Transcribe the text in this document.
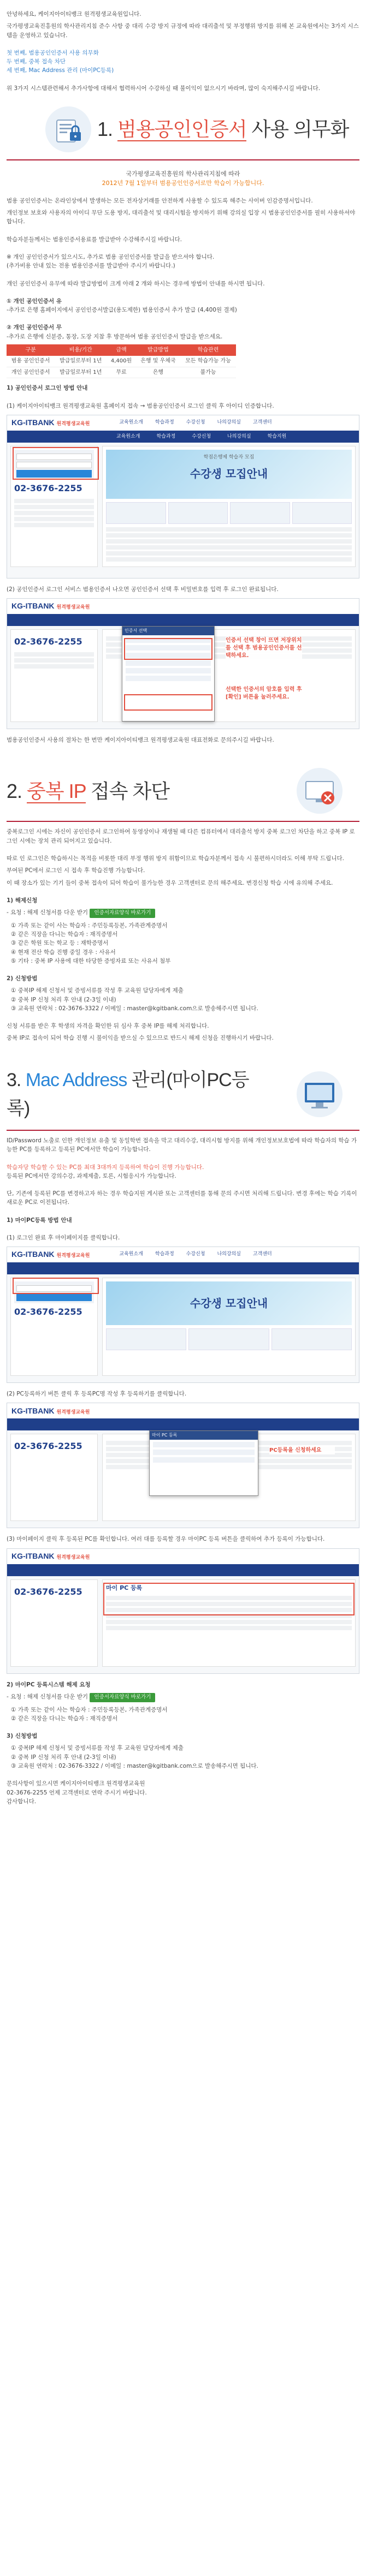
안녕하세요, 케이지아이티뱅크 원격평생교육원입니다.

국가평생교육진흥원의 학사관리지침 준수 사항 중 대리 수강 방지 규정에 따라 대리출석 및 부정행위 방지를 위해 본 교육원에서는 3가지 시스템을 운영하고 있습니다.

첫 번째, 범용공인인증서 사용 의무화

두 번째, 중복 접속 차단

세 번째, Mac Address 관리 (마이PC등록)

위 3가지 시스템관련해서 추가사항에 대해서 협력하시어 수강하실 때 불이익이 없으시기 바라며, 많이 숙지해주시길 바랍니다.

1. 범용공인인증서 사용 의무화
국가평생교육진흥원의 학사관리지침에 따라
2012년 7월 1일부터 범용공인인증서로만 학습이 가능합니다.

범용 공인인증서는 온라인상에서 발생하는 모든 전자상거래를 안전하게 사용할 수 있도록 해주는 사이버 인감증명서입니다.

개인정보 보호와 사용자의 아이디 무단 도용 방지, 대리출석 및 대리시험을 방지하기 위해 강의실 입장 시 범용공인인증서를 필히 사용하셔야 합니다.

학습자분들께서는 범용인증서용료를 발급받아 수강해주시길 바랍니다.

※ 개인 공인인증서가 있으시도, 추가로 범용 공인인증서를 발급을 받으셔야 합니다.

(추가비용 안내 있는 전용 범용인증서를 발급받아 주시기 바랍니다.)

개인 공인인증서 유무에 따라 발급방법이 크게 아래 2 개와 하시는 경우에 방법이 안내를 하시면 됩니다.

① 개인 공인인증서 유

-추가로 은행 홈페이지에서 공인인증서발급(용도제한) 범용인증서 추가 발급 (4,400원 결제)

② 개인 공인인증서 무

-추가로 은행에 신분증, 통장, 도장 지참 후 방문하여 범용 공인인증서 발급을 받으세요.

구분	비용/기간	금액	발급방법	학습관련
범용 공인인증서	발급일로부터 1년	4,400원	은행 및 우체국	모든 학습가능 가능
개인 공인인증서	발급일로부터 1년	무료	은행	불가능

1) 공인인증서 로그인 방법 안내

(1) 케이지아이티뱅크 원격평생교육원 홈페이지 접속 → 범용공인인증서 로그인 클릭 후 아이디 인증합니다.

KG-ITBANK 원격평생교육원	교육원소개	학습과정	수강신청	나의강의실	고객센터
교육원소개	학습과정	수강신청	나의강의실	학습지원
02-3676-2255
학점은행제 학습자 모집
수강생 모집안내

(2) 공인인증서 로그인 서비스 범용인증서 나오면 공인인증서 선택 후 비밀번호를 입력 후 로그인 완료됩니다.

KG-ITBANK 원격평생교육원
02-3676-2255
인증서 선택
인증서 선택 창이 뜨면 저장위치를 선택 후 범용공인인증서를 선택하세요.
선택한 인증서의 암호를 입력 후 [확인] 버튼을 눌러주세요.

범용공인인증서 사용의 절차는 한 번만 케이지아이티뱅크 원격평생교육원 대표전화로 문의주시길 바랍니다.

2. 중복 IP 접속 차단

중복로그인 시에는 자신이 공인인증서 로그인하여 동영상이나 재생될 때 다른 컴퓨터에서 대리출석 방지 중복 로그인 차단을 하고 중복 IP 로그인 시에는 장치 관리 되어지고 있습니다.

따로 인 로그인은 학습하시는 목적을 비롯한 대리 부정 행위 방지 위함이므로 학습자분께서 접속 시 불편하시더라도 이해 부탁 드립니다.

부여된 PC에서 로그인 시 접속 후 학습진행 가능합니다.

이 때 장소가 있는 기기 들이 중복 접속이 되어 학습이 불가능한 경우 고객센터로 문의 해주세요. 변경신청 학습 시에 유의해 주세요.

1) 해제신청

- 요청 : 해제 신청서를 다운 받기 인증서자료양식 바로가기

① 가족 또는 같이 사는 학습자 : 주민등록등본, 가족관계증명서

② 같은 직장을 다니는 학습자 : 재직증명서

③ 같은 학원 또는 학교 등 : 재학증명서

④ 현재 전산 학습 진행 중일 경우 : 사유서

⑤ 기타 : 중복 IP 사용에 대한 타당한 증빙자료 또는 사유서 첨부

2) 신청방법

① 중복IP 해제 신청서 및 증빙서류를 작성 후 교육원 담당자에게 제출

② 중복 IP 신청 처리 후 안내 (2-3일 이내)

③ 교육원 연락처 : 02-3676-3322 / 이메일 : master@kgitbank.com으로 발송해주시면 됩니다.

신청 서류를 받은 후 학생의 자격을 확인한 뒤 심사 후 중복 IP를 해제 처리합니다.

중복 IP로 접속이 되어 학습 진행 시 불이익을 받으실 수 있으므로 반드시 해제 신청을 진행하시기 바랍니다.

3. Mac Address 관리(마이PC등록)

ID/Password 노출로 인한 개인정보 유출 및 동일학번 접속을 막고 대리수강, 대리시험 방지를 위해 개인정보보호법에 따라 학습자의 학습 가능한 PC를 등록하고 등록된 PC에서만 학습이 가능합니다.

학습자당 학습할 수 있는 PC를 최대 3대까지 등록하여 학습이 진행 가능합니다.

등록된 PC에서만 강의수강, 과제제출, 토론, 시험응시가 가능합니다.

단, 기존에 등록된 PC를 변경하고자 하는 경우 학습지원 게시판 또는 고객센터를 통해 문의 주시면 처리해 드립니다. 변경 후에는 학습 기록이 새로운 PC로 이전됩니다.

1) 마이PC등록 방법 안내

(1) 로그인 완료 후 마이페이지를 클릭합니다.

KG-ITBANK 원격평생교육원	교육원소개	학습과정	수강신청	나의강의실	고객센터
02-3676-2255
수강생 모집안내

(2) PC등록하기 버튼 클릭 후 등록PC명 작성 후 등록하기를 클릭합니다.

KG-ITBANK 원격평생교육원
02-3676-2255
마이 PC 등록
PC등록을 신청하세요

(3) 마이페이지 클릭 후 등록된 PC를 확인합니다. 여러 대를 등록할 경우 마이PC 등록 버튼을 클릭하여 추가 등록이 가능합니다.

KG-ITBANK 원격평생교육원
02-3676-2255	마이 PC 등록

2) 마이PC 등록시스템 해제 요청

- 요청 : 해제 신청서를 다운 받기 인증서자료양식 바로가기

① 가족 또는 같이 사는 학습자 : 주민등록등본, 가족관계증명서

② 같은 직장을 다니는 학습자 : 재직증명서

3) 신청방법

① 중복IP 해제 신청서 및 증빙서류를 작성 후 교육원 담당자에게 제출

② 중복 IP 신청 처리 후 안내 (2-3일 이내)

③ 교육원 연락처 : 02-3676-3322 / 이메일 : master@kgitbank.com으로 발송해주시면 됩니다.

문의사항이 있으시면 케이지아이티뱅크 원격평생교육원

02-3676-2255 언제 고객센터로 연락 주시기 바랍니다.

감사합니다.
